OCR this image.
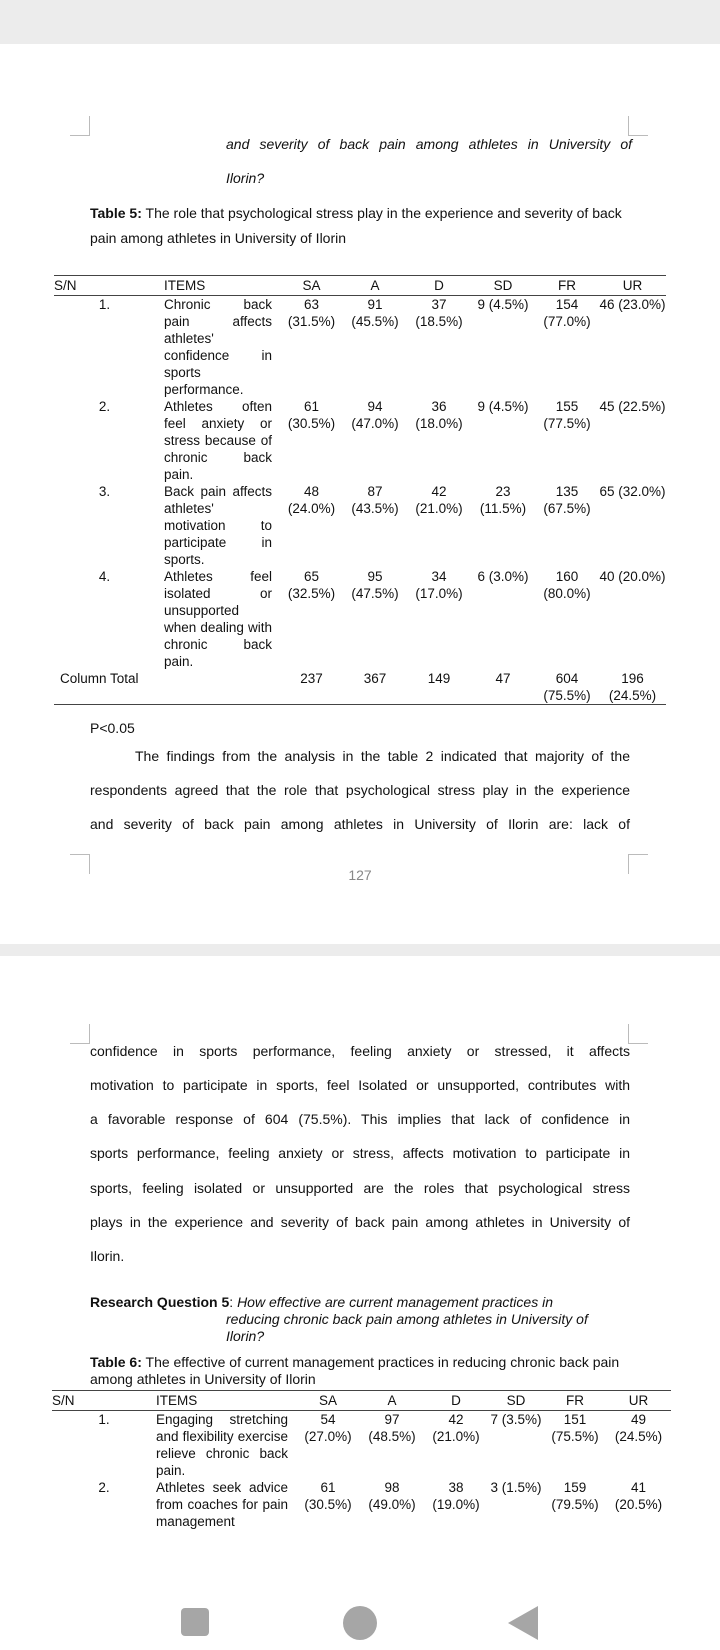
and severity of back pain among athletes in University of
Ilorin?
Table 5: The role that psychological stress play in the experience and severity of back pain among athletes in University of Ilorin
S/N	ITEMS	SA	A	D	SD	FR	UR
1.	Chronic back pain affects athletes' confidence in sports performance.	63 (31.5%)	91 (45.5%)	37 (18.5%)	9 (4.5%)	154 (77.0%)	46 (23.0%)
2.	Athletes often feel anxiety or stress because of chronic back pain.	61 (30.5%)	94 (47.0%)	36 (18.0%)	9 (4.5%)	155 (77.5%)	45 (22.5%)
3.	Back pain affects athletes' motivation to participate in sports.	48 (24.0%)	87 (43.5%)	42 (21.0%)	23 (11.5%)	135 (67.5%)	65 (32.0%)
4.	Athletes feel isolated or unsupported when dealing with chronic back pain.	65 (32.5%)	95 (47.5%)	34 (17.0%)	6 (3.0%)	160 (80.0%)	40 (20.0%)
Column Total		237	367	149	47	604 (75.5%)	196 (24.5%)
P<0.05
The findings from the analysis in the table 2 indicated that majority of the
respondents agreed that the role that psychological stress play in the experience
and severity of back pain among athletes in University of Ilorin are: lack of
127
confidence in sports performance, feeling anxiety or stressed, it affects
motivation to participate in sports, feel Isolated or unsupported, contributes with
a favorable response of 604 (75.5%). This implies that lack of confidence in
sports performance, feeling anxiety or stress, affects motivation to participate in
sports, feeling isolated or unsupported are the roles that psychological stress
plays in the experience and severity of back pain among athletes in University of
Ilorin.
Research Question 5: How effective are current management practices in
reducing chronic back pain among athletes in University of
Ilorin?
Table 6: The effective of current management practices in reducing chronic back pain among athletes in University of Ilorin
S/N	ITEMS	SA	A	D	SD	FR	UR
1.	Engaging stretching and flexibility exercise relieve chronic back pain.	54 (27.0%)	97 (48.5%)	42 (21.0%)	7 (3.5%)	151 (75.5%)	49 (24.5%)
2.	Athletes seek advice from coaches for pain management	61 (30.5%)	98 (49.0%)	38 (19.0%)	3 (1.5%)	159 (79.5%)	41 (20.5%)
